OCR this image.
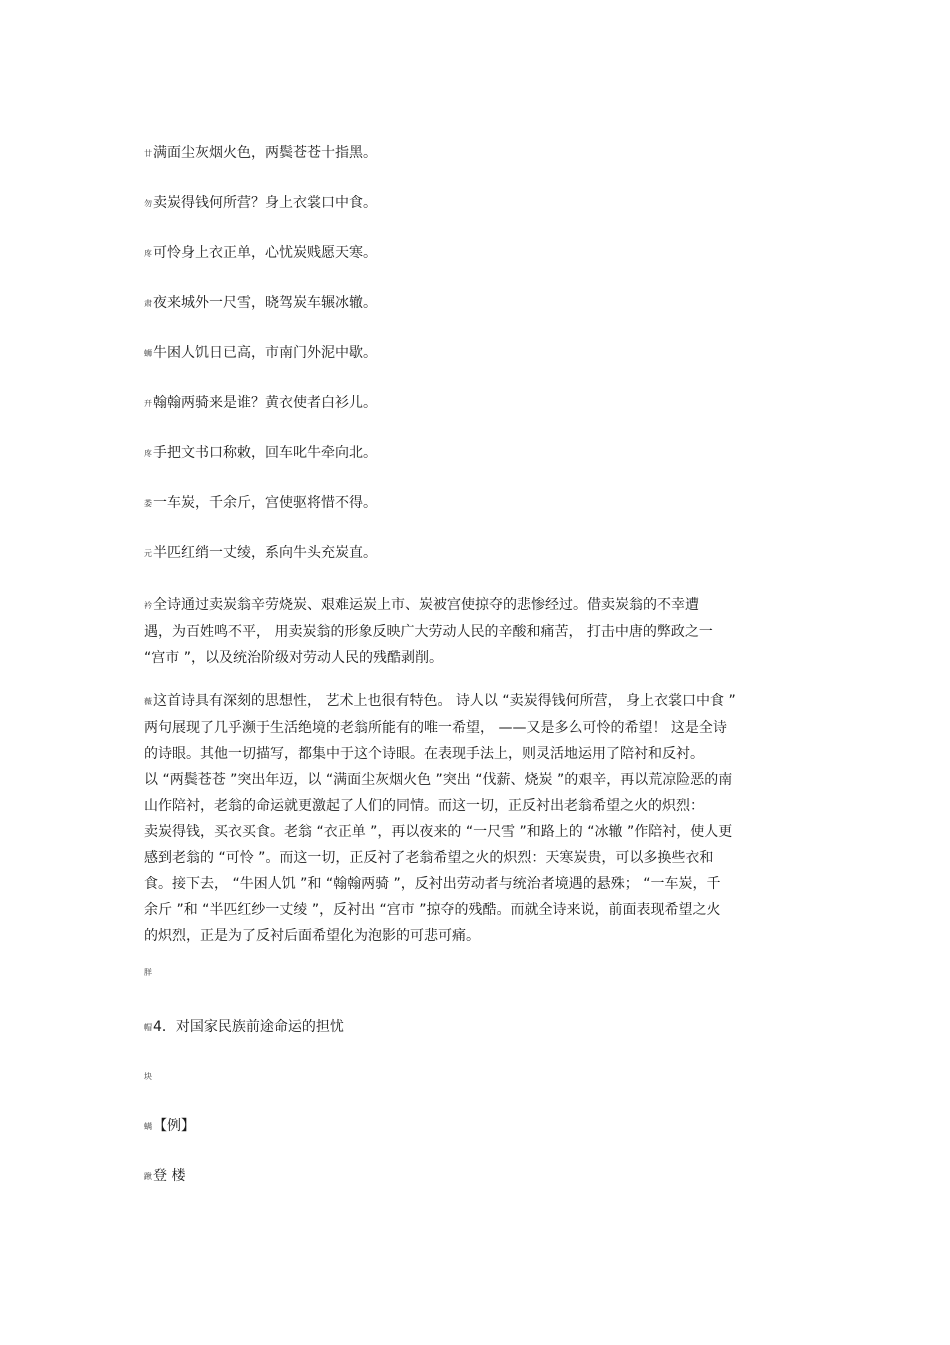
廿满面尘灰烟火色，两鬓苍苍十指黑。

勿卖炭得钱何所营？身上衣裳口中食。

庝可怜身上衣正单，心忧炭贱愿天寒。

肃夜来城外一尺雪，晓驾炭车辗冰辙。

蛳牛困人饥日已高，市南门外泥中歇。

幵翰翰两骑来是谁？黄衣使者白衫儿。

庝手把文书口称敕，回车叱牛牵向北。

娄一车炭，千余斤，宫使驱将惜不得。

元半匹红绡一丈绫，系向牛头充炭直。

衿全诗通过卖炭翁辛劳烧炭、艰难运炭上市、炭被宫使掠夺的悲惨经过。借卖炭翁的不幸遭
遇，为百姓鸣不平， 用卖炭翁的形象反映广大劳动人民的辛酸和痛苦， 打击中唐的弊政之一
“宫市 ”，以及统治阶级对劳动人民的残酷剥削。
薇这首诗具有深刻的思想性， 艺术上也很有特色。 诗人以 “卖炭得钱何所营， 身上衣裳口中食 ”
两句展现了几乎濒于生活绝境的老翁所能有的唯一希望， ——又是多么可怜的希望！ 这是全诗
的诗眼。其他一切描写，都集中于这个诗眼。在表现手法上，则灵活地运用了陪衬和反衬。
以 “两鬓苍苍 ”突出年迈，以 “满面尘灰烟火色 ”突出 “伐薪、烧炭 ”的艰辛，再以荒凉险恶的南
山作陪衬，老翁的命运就更激起了人们的同情。而这一切，正反衬出老翁希望之火的炽烈：
卖炭得钱，买衣买食。老翁 “衣正单 ”，再以夜来的 “一尺雪 ”和路上的 “冰辙 ”作陪衬，使人更
感到老翁的 “可怜 ”。而这一切，正反衬了老翁希望之火的炽烈：天寒炭贵，可以多换些衣和
食。接下去， “牛困人饥 ”和 “翰翰两骑 ”，反衬出劳动者与统治者境遇的悬殊； “一车炭，千
余斤 ”和 “半匹红纱一丈绫 ”，反衬出 “宫市 ”掠夺的残酷。而就全诗来说，前面表现希望之火
的炽烈，正是为了反衬后面希望化为泡影的可悲可痛。

羘

帽4．对国家民族前途命运的担忧

块

螨【例】

踿登 楼
